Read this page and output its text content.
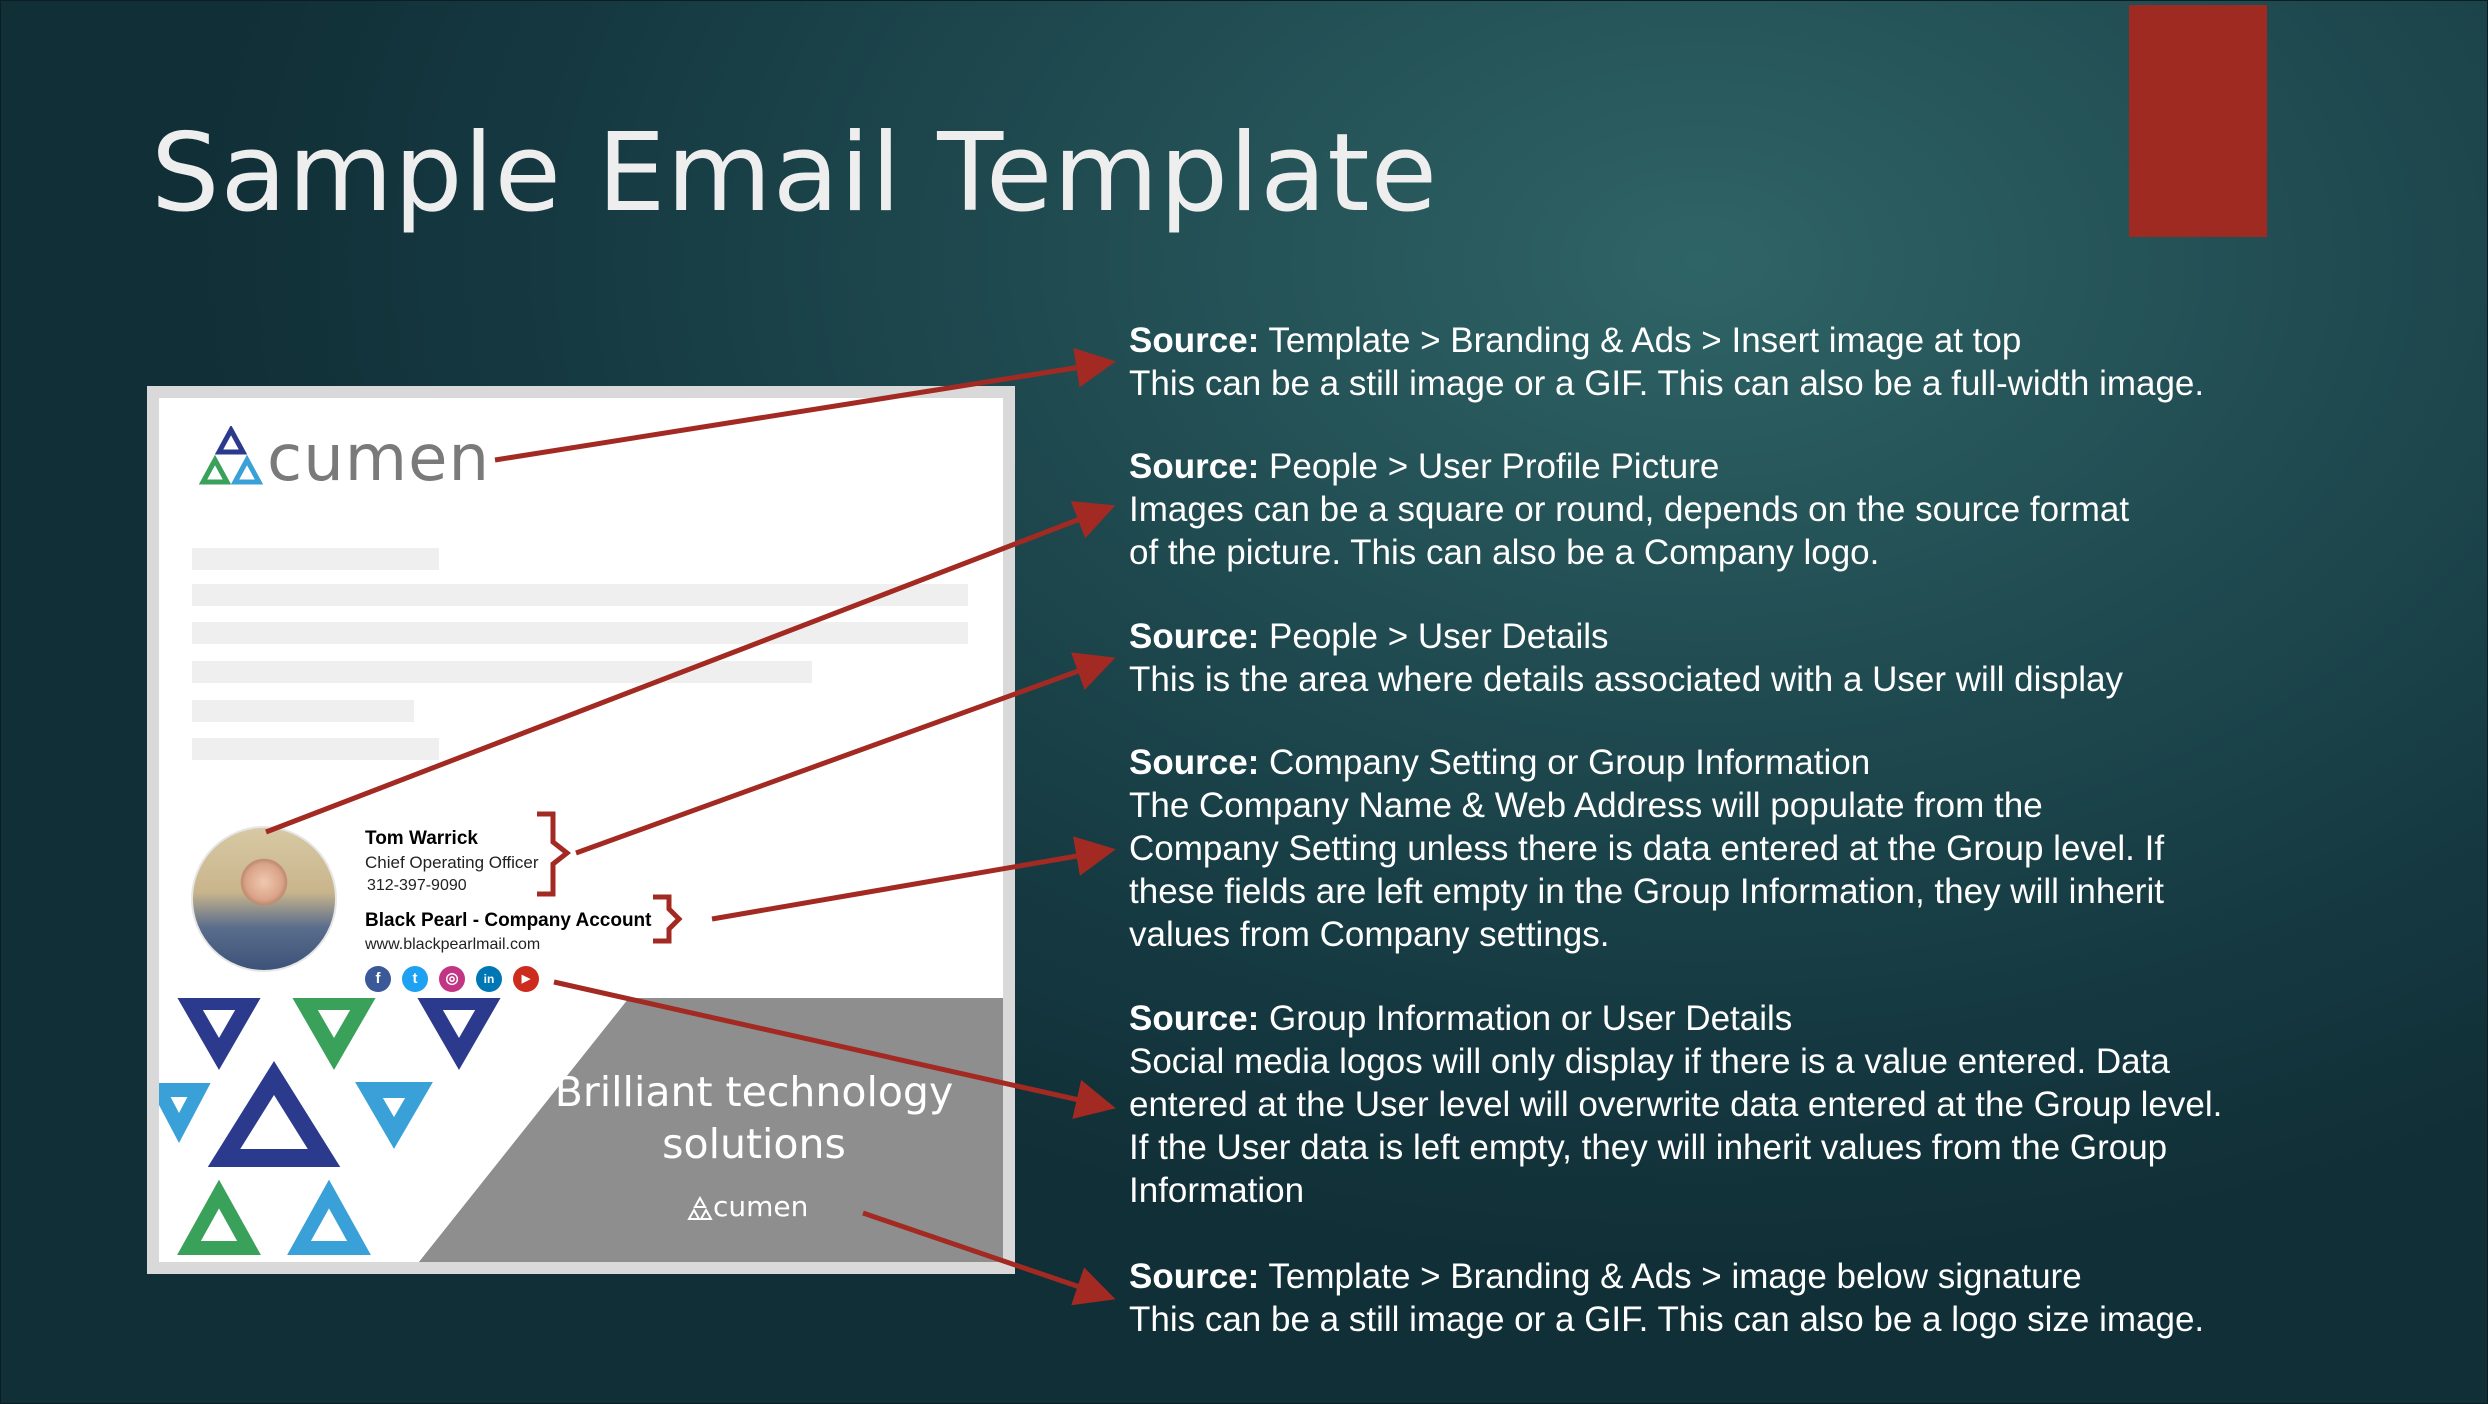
Sample Email Template
cumen
Tom Warrick
Chief Operating Officer
312-397-9090
Black Pearl - Company Account
www.blackpearlmail.com
f	t	◎	in	▶
Brilliant technology
solutions
cumen
Source: Template > Branding & Ads > Insert image at top
This can be a still image or a GIF. This can also be a full-width image.
Source: People > User Profile Picture
Images can be a square or round, depends on the source format
of the picture. This can also be a Company logo.
Source: People > User Details
This is the area where details associated with a User will display
Source: Company Setting or Group Information
The Company Name & Web Address will populate from the
Company Setting unless there is data entered at the Group level. If
these fields are left empty in the Group Information, they will inherit
values from Company settings.
Source: Group Information or User Details
Social media logos will only display if there is a value entered. Data
entered at the User level will overwrite data entered at the Group level.
If the User data is left empty, they will inherit values from the Group
Information
Source: Template > Branding & Ads > image below signature
This can be a still image or a GIF. This can also be a logo size image.
